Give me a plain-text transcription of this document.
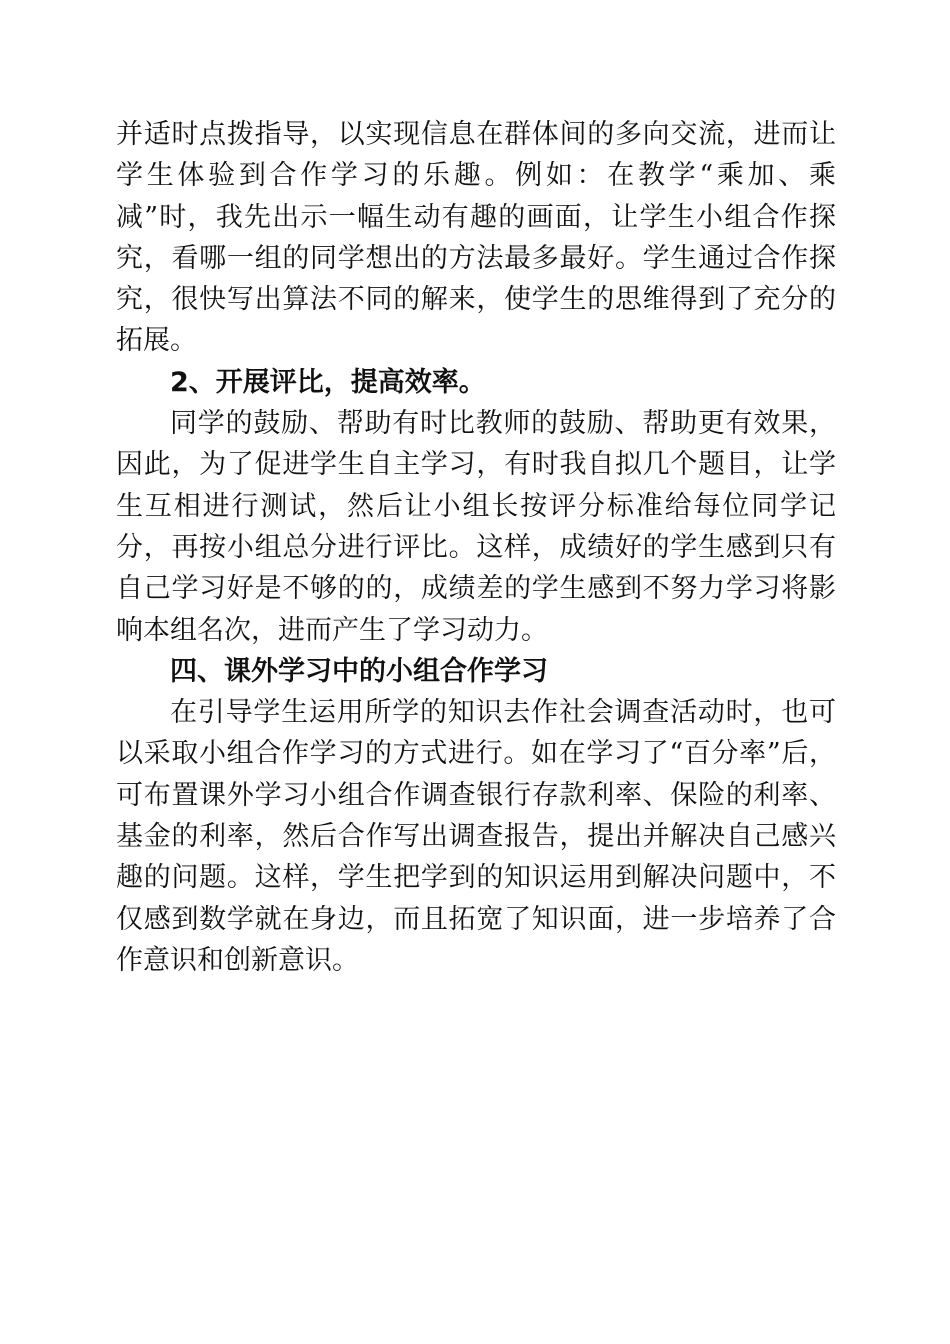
并适时点拨指导，以实现信息在群体间的多向交流，进而让学生体验到合作学习的乐趣。例如：在教学“乘加、乘减”时，我先出示一幅生动有趣的画面，让学生小组合作探究，看哪一组的同学想出的方法最多最好。学生通过合作探究，很快写出算法不同的解来，使学生的思维得到了充分的拓展。

2、开展评比，提高效率。

同学的鼓励、帮助有时比教师的鼓励、帮助更有效果，因此，为了促进学生自主学习，有时我自拟几个题目，让学生互相进行测试，然后让小组长按评分标准给每位同学记分，再按小组总分进行评比。这样，成绩好的学生感到只有自己学习好是不够的的，成绩差的学生感到不努力学习将影响本组名次，进而产生了学习动力。

四、课外学习中的小组合作学习

在引导学生运用所学的知识去作社会调查活动时，也可以采取小组合作学习的方式进行。如在学习了“百分率”后，可布置课外学习小组合作调查银行存款利率、保险的利率、基金的利率，然后合作写出调查报告，提出并解决自己感兴趣的问题。这样，学生把学到的知识运用到解决问题中，不仅感到数学就在身边，而且拓宽了知识面，进一步培养了合作意识和创新意识。
